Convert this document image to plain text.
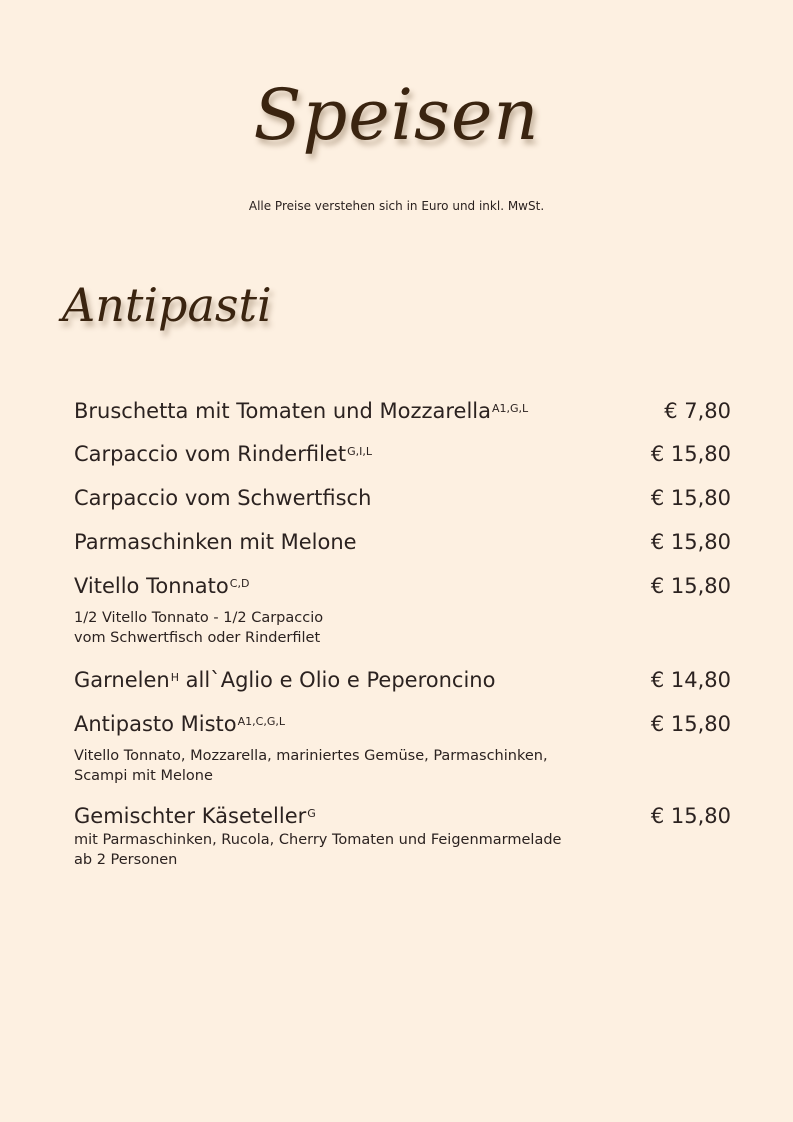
Speisen
Alle Preise verstehen sich in Euro und inkl. MwSt.
Antipasti
Bruschetta mit Tomaten und Mozzarella$^{A1,G,L}$	€ 7,80
Carpaccio vom Rinderfilet$^{G,I,L}$	€ 15,80
Carpaccio vom Schwertfisch	€ 15,80
Parmaschinken mit Melone	€ 15,80
Vitello Tonnato$^{C,D}$	€ 15,80
1/2 Vitello Tonnato - 1/2 Carpaccio
vom Schwertfisch oder Rinderfilet
Garnelen$^H$ all`Aglio e Olio e Peperoncino	€ 14,80
Antipasto Misto$^{A1,C,G,L}$	€ 15,80
Vitello Tonnato, Mozzarella, mariniertes Gemüse, Parmaschinken,
Scampi mit Melone
Gemischter Käseteller$^G$	€ 15,80
mit Parmaschinken, Rucola, Cherry Tomaten und Feigenmarmelade
ab 2 Personen
